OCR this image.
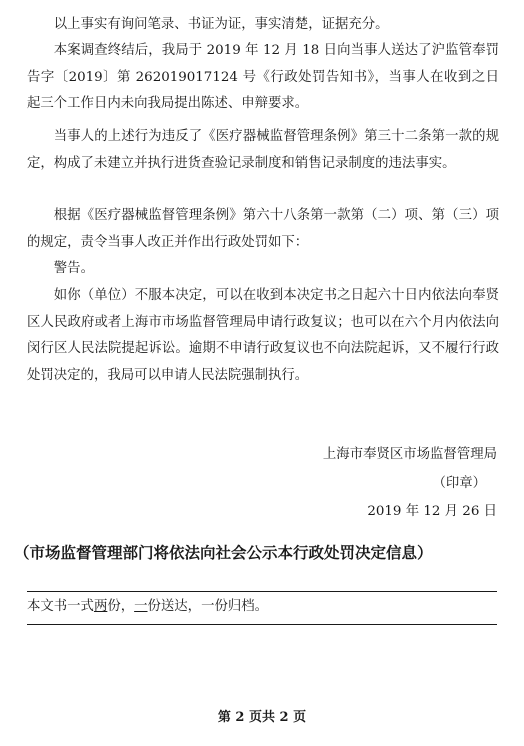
以上事实有询问笔录、书证为证，事实清楚，证据充分。

本案调查终结后，我局于 2019 年 12 月 18 日向当事人送达了沪监管奉罚告字〔2019〕第 262019017124 号《行政处罚告知书》，当事人在收到之日起三个工作日内未向我局提出陈述、申辩要求。

当事人的上述行为违反了《医疗器械监督管理条例》第三十二条第一款的规定，构成了未建立并执行进货查验记录制度和销售记录制度的违法事实。

根据《医疗器械监督管理条例》第六十八条第一款第（二）项、第（三）项的规定，责令当事人改正并作出行政处罚如下：

警告。

如你（单位）不服本决定，可以在收到本决定书之日起六十日内依法向奉贤区人民政府或者上海市市场监督管理局申请行政复议；也可以在六个月内依法向闵行区人民法院提起诉讼。逾期不申请行政复议也不向法院起诉，又不履行行政处罚决定的，我局可以申请人民法院强制执行。

上海市奉贤区市场监督管理局
（印章）
2019 年 12 月 26 日
（市场监督管理部门将依法向社会公示本行政处罚决定信息）
本文书一式两份，一份送达，一份归档。
第 2 页共 2 页
